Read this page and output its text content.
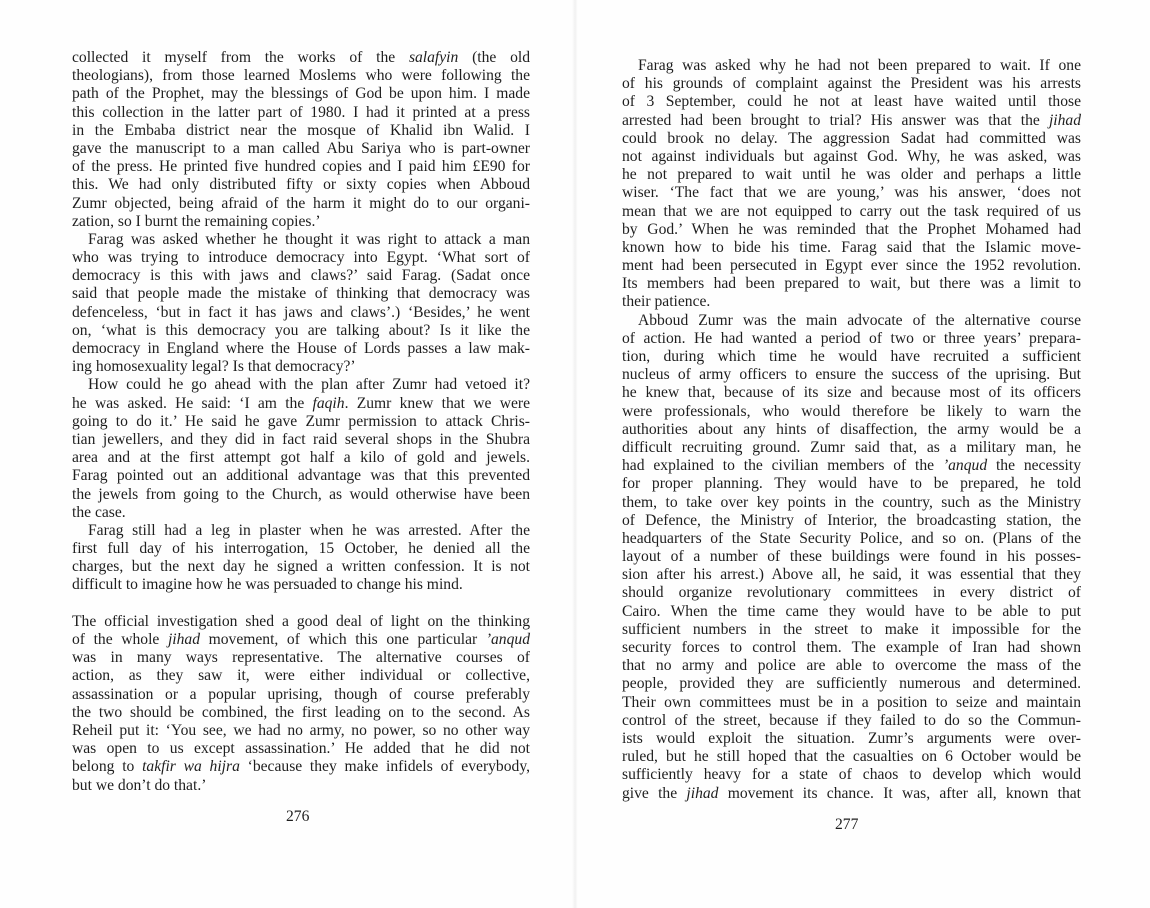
collected it myself from the works of the salafyin (the old
theologians), from those learned Moslems who were following the
path of the Prophet, may the blessings of God be upon him. I made
this collection in the latter part of 1980. I had it printed at a press
in the Embaba district near the mosque of Khalid ibn Walid. I
gave the manuscript to a man called Abu Sariya who is part-owner
of the press. He printed five hundred copies and I paid him £E90 for
this. We had only distributed fifty or sixty copies when Abboud
Zumr objected, being afraid of the harm it might do to our organi-
zation, so I burnt the remaining copies.’
Farag was asked whether he thought it was right to attack a man
who was trying to introduce democracy into Egypt. ‘What sort of
democracy is this with jaws and claws?’ said Farag. (Sadat once
said that people made the mistake of thinking that democracy was
defenceless, ‘but in fact it has jaws and claws’.) ‘Besides,’ he went
on, ‘what is this democracy you are talking about? Is it like the
democracy in England where the House of Lords passes a law mak-
ing homosexuality legal? Is that democracy?’
How could he go ahead with the plan after Zumr had vetoed it?
he was asked. He said: ‘I am the faqih. Zumr knew that we were
going to do it.’ He said he gave Zumr permission to attack Chris-
tian jewellers, and they did in fact raid several shops in the Shubra
area and at the first attempt got half a kilo of gold and jewels.
Farag pointed out an additional advantage was that this prevented
the jewels from going to the Church, as would otherwise have been
the case.
Farag still had a leg in plaster when he was arrested. After the
first full day of his interrogation, 15 October, he denied all the
charges, but the next day he signed a written confession. It is not
difficult to imagine how he was persuaded to change his mind.
The official investigation shed a good deal of light on the thinking
of the whole jihad movement, of which this one particular ’anqud
was in many ways representative. The alternative courses of
action, as they saw it, were either individual or collective,
assassination or a popular uprising, though of course preferably
the two should be combined, the first leading on to the second. As
Reheil put it: ‘You see, we had no army, no power, so no other way
was open to us except assassination.’ He added that he did not
belong to takfir wa hijra ‘because they make infidels of everybody,
but we don’t do that.’
276
Farag was asked why he had not been prepared to wait. If one
of his grounds of complaint against the President was his arrests
of 3 September, could he not at least have waited until those
arrested had been brought to trial? His answer was that the jihad
could brook no delay. The aggression Sadat had committed was
not against individuals but against God. Why, he was asked, was
he not prepared to wait until he was older and perhaps a little
wiser. ‘The fact that we are young,’ was his answer, ‘does not
mean that we are not equipped to carry out the task required of us
by God.’ When he was reminded that the Prophet Mohamed had
known how to bide his time. Farag said that the Islamic move-
ment had been persecuted in Egypt ever since the 1952 revolution.
Its members had been prepared to wait, but there was a limit to
their patience.
Abboud Zumr was the main advocate of the alternative course
of action. He had wanted a period of two or three years’ prepara-
tion, during which time he would have recruited a sufficient
nucleus of army officers to ensure the success of the uprising. But
he knew that, because of its size and because most of its officers
were professionals, who would therefore be likely to warn the
authorities about any hints of disaffection, the army would be a
difficult recruiting ground. Zumr said that, as a military man, he
had explained to the civilian members of the ’anqud the necessity
for proper planning. They would have to be prepared, he told
them, to take over key points in the country, such as the Ministry
of Defence, the Ministry of Interior, the broadcasting station, the
headquarters of the State Security Police, and so on. (Plans of the
layout of a number of these buildings were found in his posses-
sion after his arrest.) Above all, he said, it was essential that they
should organize revolutionary committees in every district of
Cairo. When the time came they would have to be able to put
sufficient numbers in the street to make it impossible for the
security forces to control them. The example of Iran had shown
that no army and police are able to overcome the mass of the
people, provided they are sufficiently numerous and determined.
Their own committees must be in a position to seize and maintain
control of the street, because if they failed to do so the Commun-
ists would exploit the situation. Zumr’s arguments were over-
ruled, but he still hoped that the casualties on 6 October would be
sufficiently heavy for a state of chaos to develop which would
give the jihad movement its chance. It was, after all, known that
277
